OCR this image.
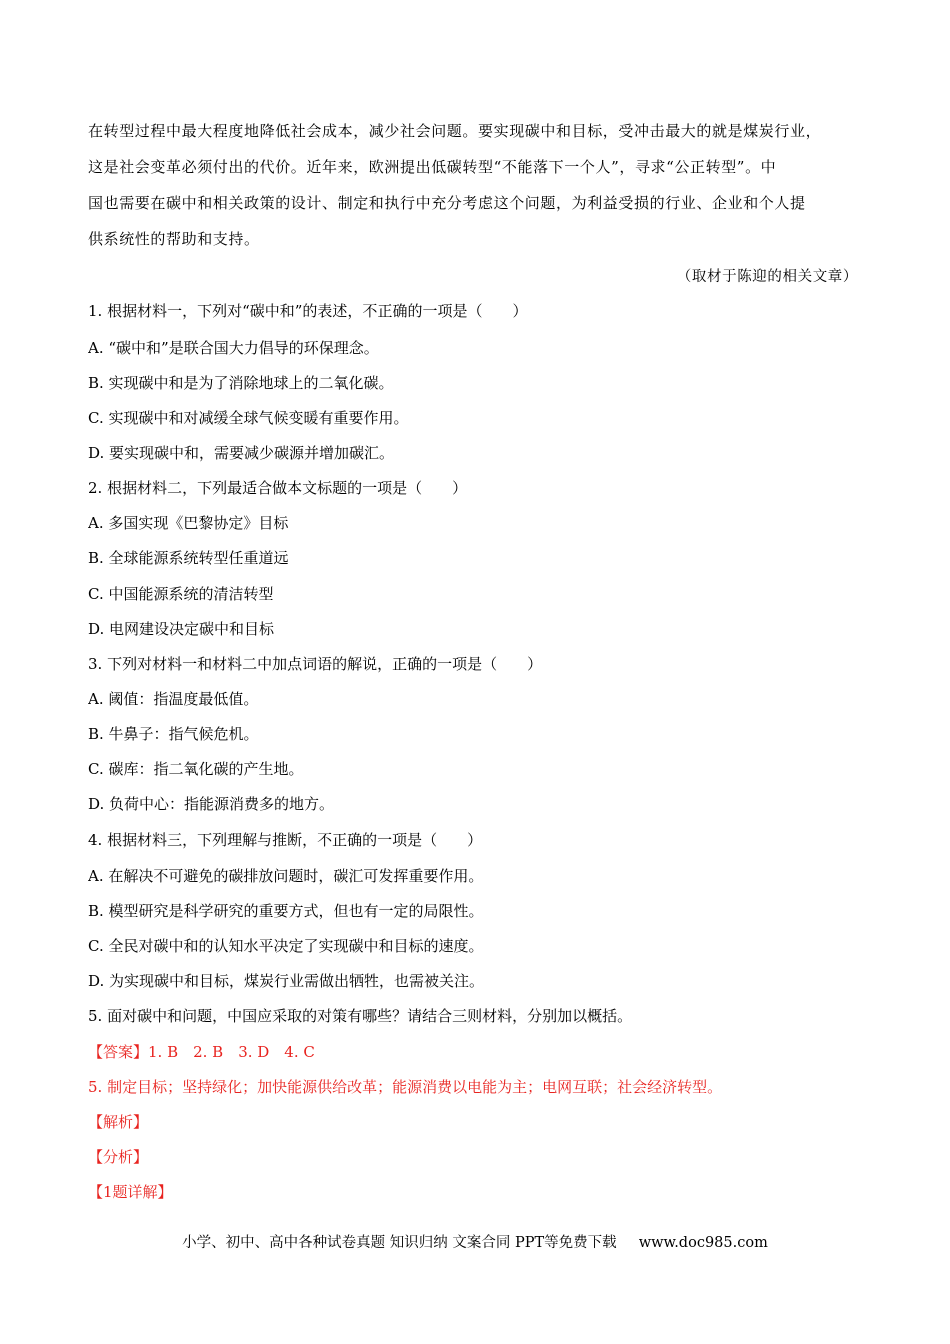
在转型过程中最大程度地降低社会成本，减少社会问题。要实现碳中和目标，受冲击最大的就是煤炭行业，
这是社会变革必须付出的代价。近年来，欧洲提出低碳转型“不能落下一个人”，寻求“公正转型”。中
国也需要在碳中和相关政策的设计、制定和执行中充分考虑这个问题，为利益受损的行业、企业和个人提
供系统性的帮助和支持。
（取材于陈迎的相关文章）
1. 根据材料一，下列对“碳中和”的表述，不正确的一项是（　　）
A. “碳中和”是联合国大力倡导的环保理念。
B. 实现碳中和是为了消除地球上的二氧化碳。
C. 实现碳中和对减缓全球气候变暖有重要作用。
D. 要实现碳中和，需要减少碳源并增加碳汇。
2. 根据材料二，下列最适合做本文标题的一项是（　　）
A. 多国实现《巴黎协定》目标
B. 全球能源系统转型任重道远
C. 中国能源系统的清洁转型
D. 电网建设决定碳中和目标
3. 下列对材料一和材料二中加点词语的解说，正确的一项是（　　）
A. 阈值：指温度最低值。
B. 牛鼻子：指气候危机。
C. 碳库：指二氧化碳的产生地。
D. 负荷中心：指能源消费多的地方。
4. 根据材料三，下列理解与推断，不正确的一项是（　　）
A. 在解决不可避免的碳排放问题时，碳汇可发挥重要作用。
B. 模型研究是科学研究的重要方式，但也有一定的局限性。
C. 全民对碳中和的认知水平决定了实现碳中和目标的速度。
D. 为实现碳中和目标，煤炭行业需做出牺牲，也需被关注。
5. 面对碳中和问题，中国应采取的对策有哪些？请结合三则材料，分别加以概括。
【答案】1. B　2. B　3. D　4. C
5. 制定目标；坚持绿化；加快能源供给改革；能源消费以电能为主；电网互联；社会经济转型。
【解析】
【分析】
【1题详解】
小学、初中、高中各种试卷真题 知识归纳 文案合同 PPT等免费下载 www.doc985.com
